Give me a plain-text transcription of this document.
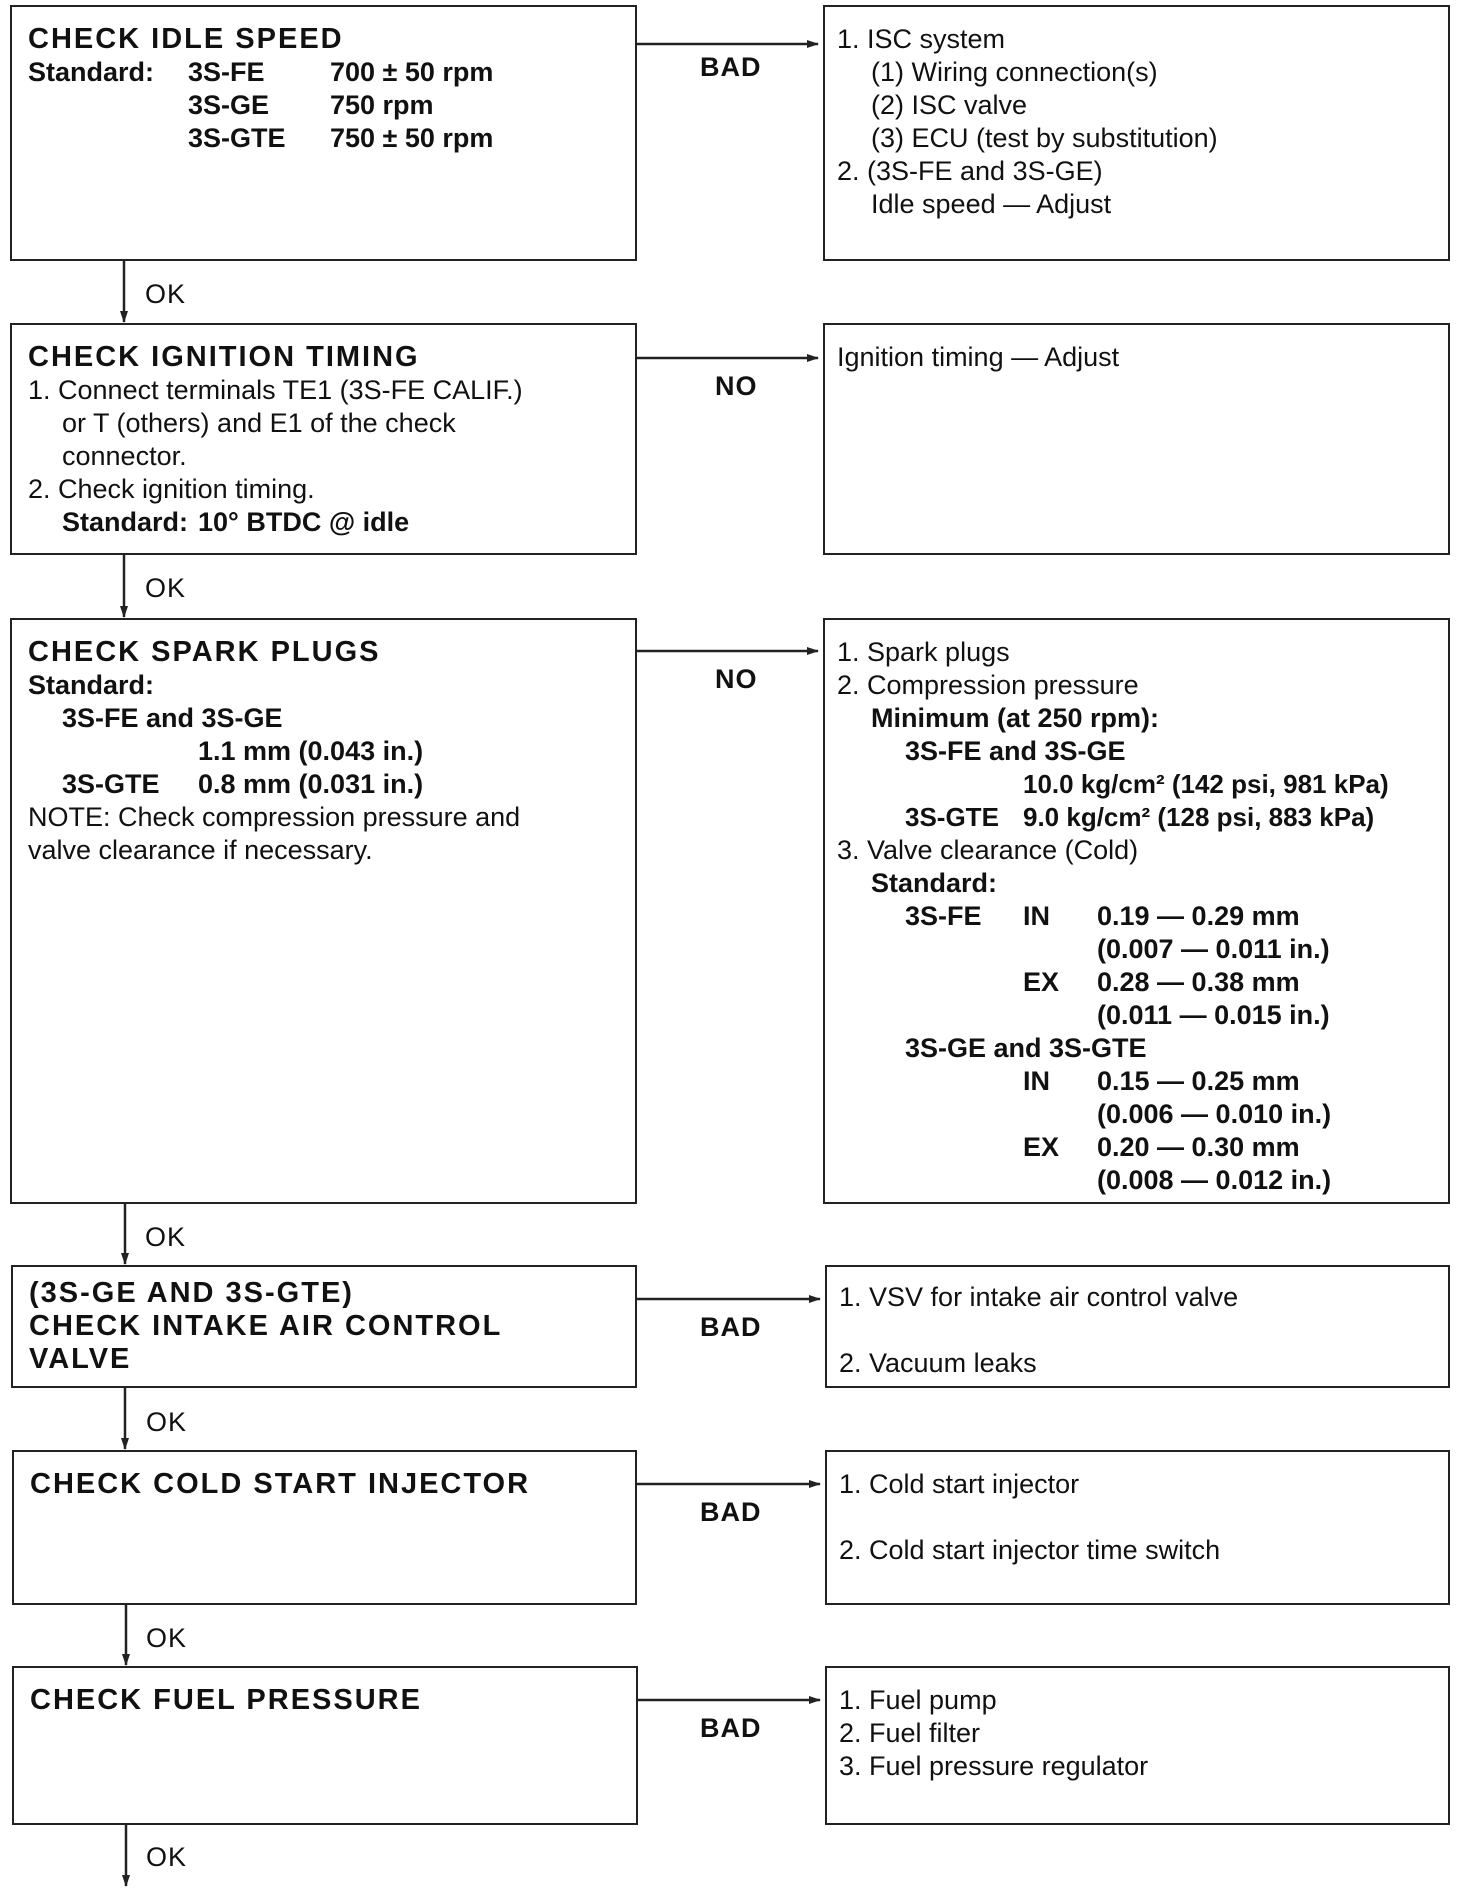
CHECK IDLE SPEED
Standard:	3S-FE	700 ± 50 rpm
3S-GE	750 rpm
3S-GTE	750 ± 50 rpm
BAD
1. ISC system
(1) Wiring connection(s)
(2) ISC valve
(3) ECU (test by substitution)
2. (3S-FE and 3S-GE)
Idle speed — Adjust
OK
CHECK IGNITION TIMING
1. Connect terminals TE1 (3S-FE CALIF.)
or T (others) and E1 of the check
connector.
2. Check ignition timing.
Standard: 10° BTDC @ idle
NO
Ignition timing — Adjust
OK
CHECK SPARK PLUGS
Standard:
3S-FE and 3S-GE
1.1 mm (0.043 in.)
3S-GTE	0.8 mm (0.031 in.)
NOTE: Check compression pressure and
valve clearance if necessary.
NO
1. Spark plugs
2. Compression pressure
Minimum (at 250 rpm):
3S-FE and 3S-GE
10.0 kg/cm² (142 psi, 981 kPa)
3S-GTE 9.0 kg/cm² (128 psi, 883 kPa)
3. Valve clearance (Cold)
Standard:
3S-FE	IN	0.19 — 0.29 mm
(0.007 — 0.011 in.)
EX	0.28 — 0.38 mm
(0.011 — 0.015 in.)
3S-GE and 3S-GTE
IN	0.15 — 0.25 mm
(0.006 — 0.010 in.)
EX	0.20 — 0.30 mm
(0.008 — 0.012 in.)
OK
(3S-GE AND 3S-GTE)
CHECK INTAKE AIR CONTROL
VALVE
BAD
1. VSV for intake air control valve
2. Vacuum leaks
OK
CHECK COLD START INJECTOR
BAD
1. Cold start injector
2. Cold start injector time switch
OK
CHECK FUEL PRESSURE
BAD
1. Fuel pump
2. Fuel filter
3. Fuel pressure regulator
OK
